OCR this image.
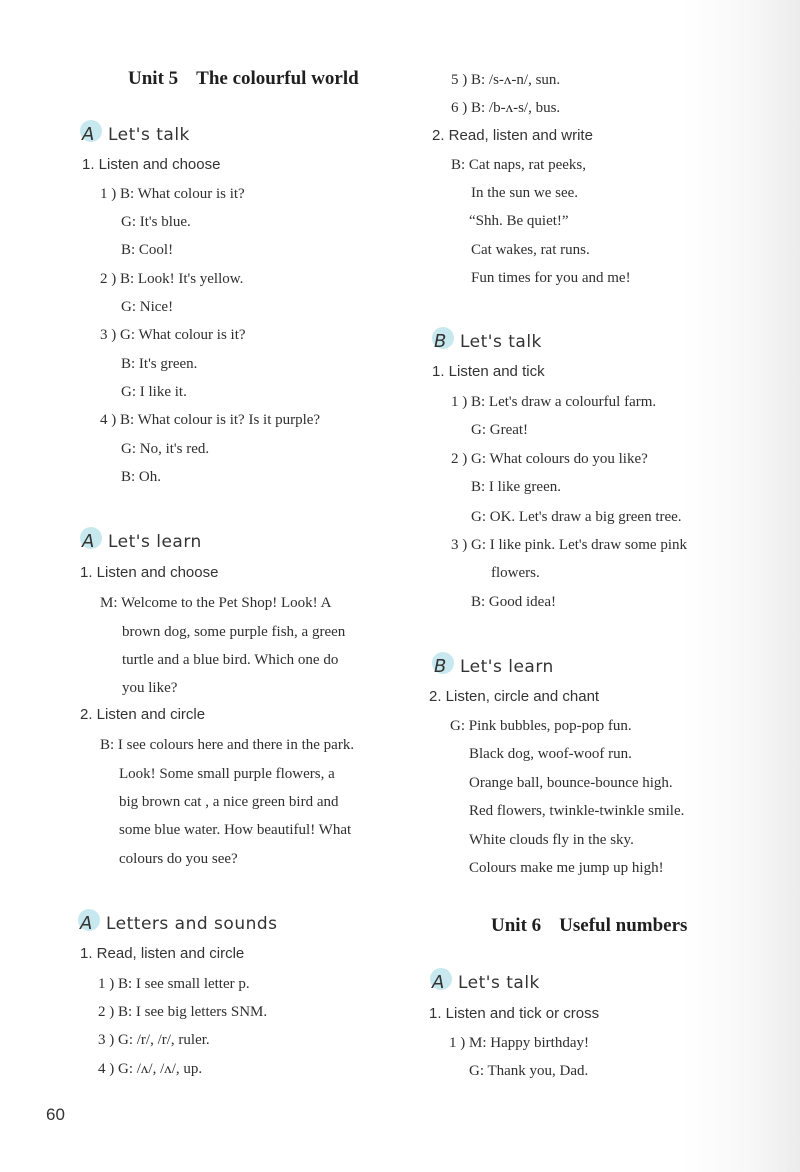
Unit 5 The colourful world
A Let's talk
1. Listen and choose
1 ) B: What colour is it?
G: It's blue.
B: Cool!
2 ) B: Look! It's yellow.
G: Nice!
3 ) G: What colour is it?
B: It's green.
G: I like it.
4 ) B: What colour is it? Is it purple?
G: No, it's red.
B: Oh.
A Let's learn
1. Listen and choose
M: Welcome to the Pet Shop! Look! A
brown dog, some purple fish, a green
turtle and a blue bird. Which one do
you like?
2. Listen and circle
B: I see colours here and there in the park.
Look! Some small purple flowers, a
big brown cat , a nice green bird and
some blue water. How beautiful! What
colours do you see?
A Letters and sounds
1. Read, listen and circle
1 ) B: I see small letter p.
2 ) B: I see big letters SNM.
3 ) G: /r/, /r/, ruler.
4 ) G: /ʌ/, /ʌ/, up.
60
5 ) B: /s-ʌ-n/, sun.
6 ) B: /b-ʌ-s/, bus.
2. Read, listen and write
B: Cat naps, rat peeks,
In the sun we see.
“Shh. Be quiet!”
Cat wakes, rat runs.
Fun times for you and me!
B Let's talk
1. Listen and tick
1 ) B: Let's draw a colourful farm.
G: Great!
2 ) G: What colours do you like?
B: I like green.
G: OK. Let's draw a big green tree.
3 ) G: I like pink. Let's draw some pink
flowers.
B: Good idea!
B Let's learn
2. Listen, circle and chant
G: Pink bubbles, pop-pop fun.
Black dog, woof-woof run.
Orange ball, bounce-bounce high.
Red flowers, twinkle-twinkle smile.
White clouds fly in the sky.
Colours make me jump up high!
Unit 6 Useful numbers
A Let's talk
1. Listen and tick or cross
1 ) M: Happy birthday!
G: Thank you, Dad.
